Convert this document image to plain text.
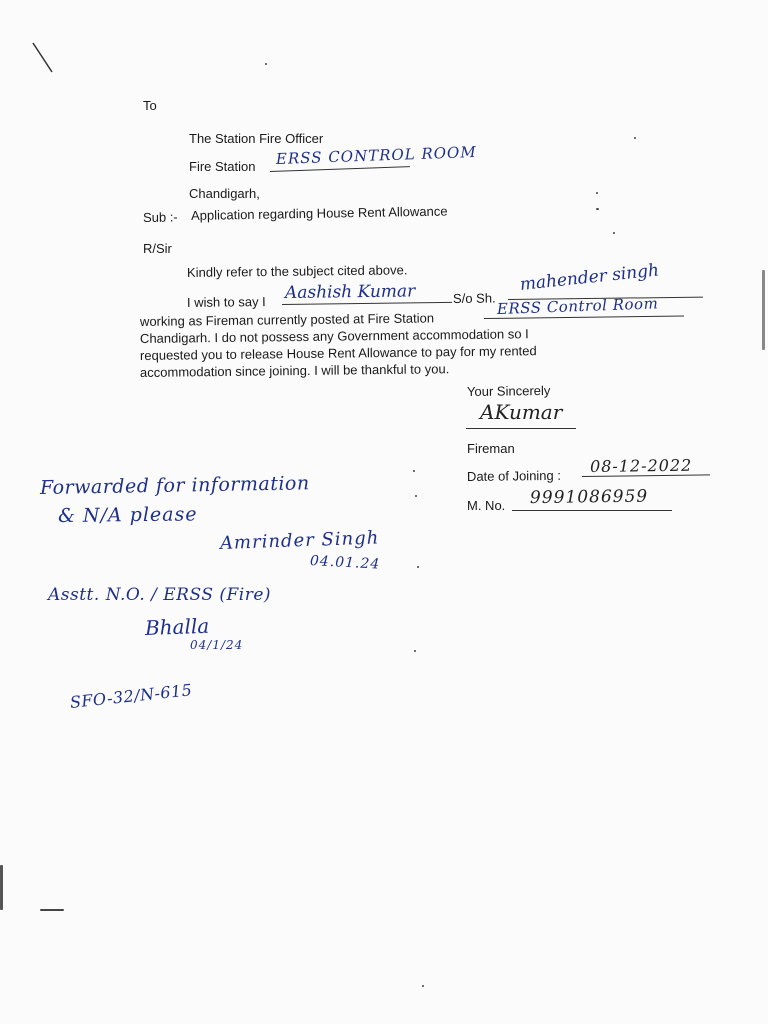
To
The Station Fire Officer
Fire Station ERSS CONTROL ROOM
Chandigarh,
Sub :- Application regarding House Rent Allowance
R/Sir
Kindly refer to the subject cited above.
I wish to say I Aashish Kumar	S/o Sh.
mahender singh
working as Fireman currently posted at Fire Station
ERSS Control Room
Chandigarh. I do not possess any Government accommodation so I
requested you to release House Rent Allowance to pay for my rented
accommodation since joining. I will be thankful to you.
Your Sincerely
AKumar
Fireman
Date of Joining : 08-12-2022
M. No. 9991086959
Forwarded for information
& N/A please
Amrinder Singh
04.01.24
Asstt. N.O. / ERSS (Fire)
Bhalla
04/1/24
SFO-32/N-615
